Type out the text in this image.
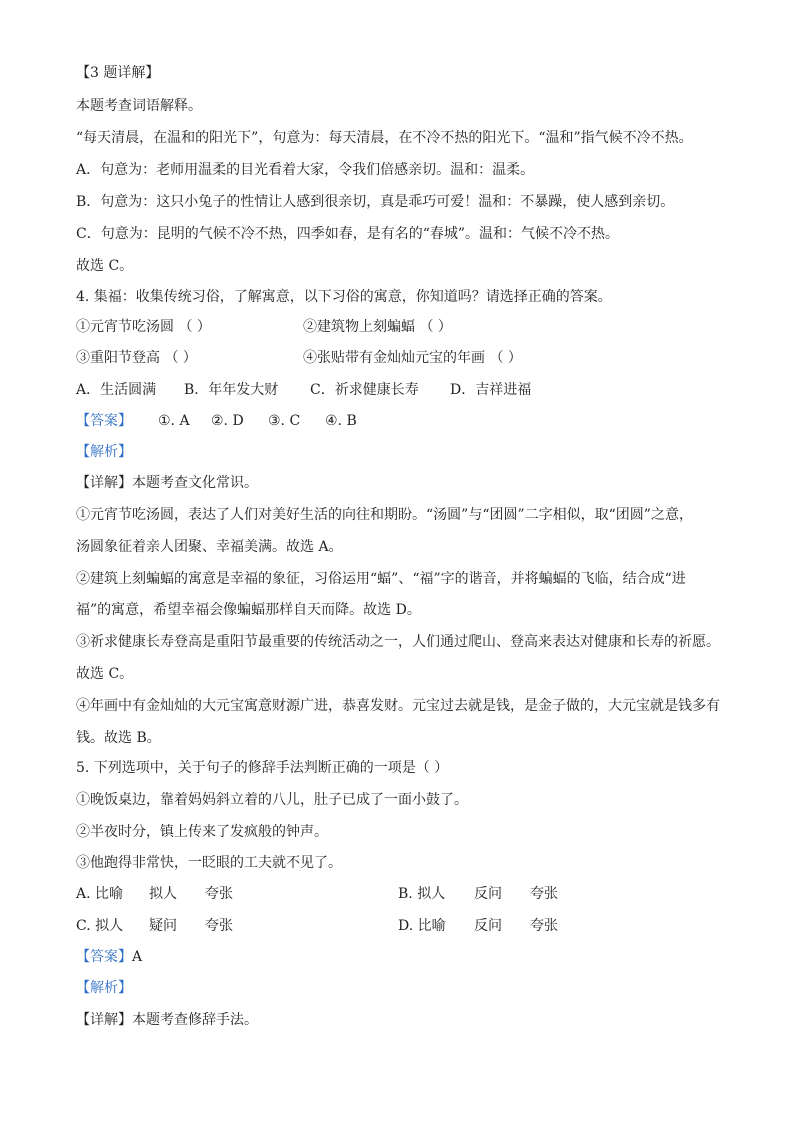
【3 题详解】
本题考查词语解释。
“每天清晨，在温和的阳光下”，句意为：每天清晨，在不冷不热的阳光下。“温和”指气候不冷不热。
A．句意为：老师用温柔的目光看着大家，令我们倍感亲切。温和：温柔。
B．句意为：这只小兔子的性情让人感到很亲切，真是乖巧可爱！温和：不暴躁，使人感到亲切。
C．句意为：昆明的气候不冷不热，四季如春，是有名的“春城”。温和：气候不冷不热。
故选 C。
4. 集福：收集传统习俗，了解寓意，以下习俗的寓意，你知道吗？请选择正确的答案。
①元宵节吃汤圆 （ ）	②建筑物上刻蝙蝠 （ ）
③重阳节登高 （ ）	④张贴带有金灿灿元宝的年画 （ ）
A．生活圆满 B．年年发大财 C．祈求健康长寿 D．吉祥进福
【答案】 ①. A ②. D ③. C ④. B
【解析】
【详解】本题考查文化常识。
①元宵节吃汤圆，表达了人们对美好生活的向往和期盼。“汤圆”与“团圆”二字相似，取“团圆”之意，
汤圆象征着亲人团聚、幸福美满。故选 A。
②建筑上刻蝙蝠的寓意是幸福的象征，习俗运用“蝠”、“福”字的谐音，并将蝙蝠的飞临，结合成“进
福”的寓意，希望幸福会像蝙蝠那样自天而降。故选 D。
③祈求健康长寿登高是重阳节最重要的传统活动之一，人们通过爬山、登高来表达对健康和长寿的祈愿。
故选 C。
④年画中有金灿灿的大元宝寓意财源广进，恭喜发财。元宝过去就是钱，是金子做的，大元宝就是钱多有
钱。故选 B。
5. 下列选项中，关于句子的修辞手法判断正确的一项是（ ）
①晚饭桌边，靠着妈妈斜立着的八儿，肚子已成了一面小鼓了。
②半夜时分，镇上传来了发疯般的钟声。
③他跑得非常快，一眨眼的工夫就不见了。
A. 比喻 拟人 夸张	B. 拟人 反问 夸张
C. 拟人 疑问 夸张	D. 比喻 反问 夸张
【答案】A
【解析】
【详解】本题考查修辞手法。
